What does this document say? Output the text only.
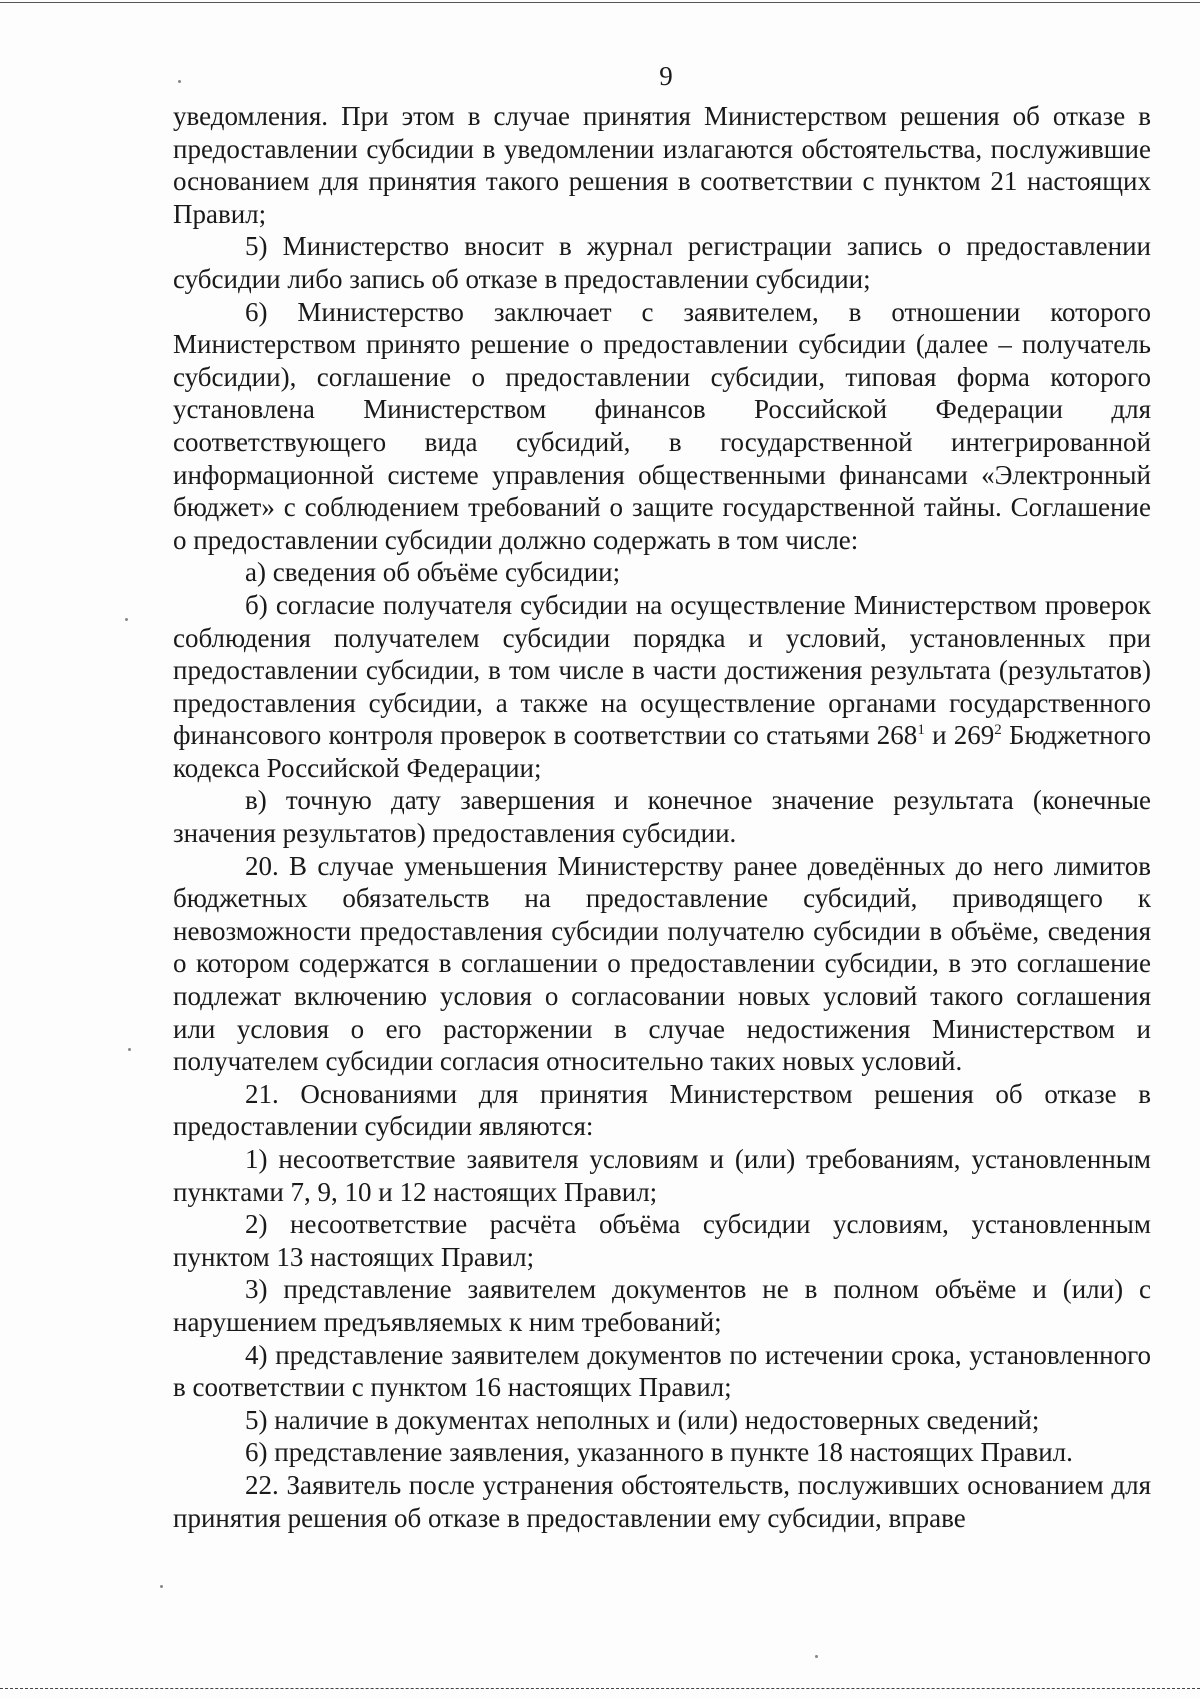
9

уведомления. При этом в случае принятия Министерством решения об отказе в предоставлении субсидии в уведомлении излагаются обстоятельства, послужившие основанием для принятия такого решения в соответствии с пунктом 21 настоящих Правил;

5) Министерство вносит в журнал регистрации запись о предоставлении субсидии либо запись об отказе в предоставлении субсидии;

6) Министерство заключает с заявителем, в отношении которого Министерством принято решение о предоставлении субсидии (далее – получатель субсидии), соглашение о предоставлении субсидии, типовая форма которого установлена Министерством финансов Российской Федерации для соответствующего вида субсидий, в государственной интегрированной информационной системе управления общественными финансами «Электронный бюджет» с соблюдением требований о защите государственной тайны. Соглашение о предоставлении субсидии должно содержать в том числе:

а) сведения об объёме субсидии;

б) согласие получателя субсидии на осуществление Министерством проверок соблюдения получателем субсидии порядка и условий, установленных при предоставлении субсидии, в том числе в части достижения результата (результатов) предоставления субсидии, а также на осуществление органами государственного финансового контроля проверок в соответствии со статьями $268^1$ и $269^2$ Бюджетного кодекса Российской Федерации;

в) точную дату завершения и конечное значение результата (конечные значения результатов) предоставления субсидии.

20. В случае уменьшения Министерству ранее доведённых до него лимитов бюджетных обязательств на предоставление субсидий, приводящего к невозможности предоставления субсидии получателю субсидии в объёме, сведения о котором содержатся в соглашении о предоставлении субсидии, в это соглашение подлежат включению условия о согласовании новых условий такого соглашения или условия о его расторжении в случае недостижения Министерством и получателем субсидии согласия относительно таких новых условий.

21. Основаниями для принятия Министерством решения об отказе в предоставлении субсидии являются:

1) несоответствие заявителя условиям и (или) требованиям, установленным пунктами 7, 9, 10 и 12 настоящих Правил;

2) несоответствие расчёта объёма субсидии условиям, установленным пунктом 13 настоящих Правил;

3) представление заявителем документов не в полном объёме и (или) с нарушением предъявляемых к ним требований;

4) представление заявителем документов по истечении срока, установленного в соответствии с пунктом 16 настоящих Правил;

5) наличие в документах неполных и (или) недостоверных сведений;

6) представление заявления, указанного в пункте 18 настоящих Правил.

22. Заявитель после устранения обстоятельств, послуживших основанием для принятия решения об отказе в предоставлении ему субсидии, вправе
